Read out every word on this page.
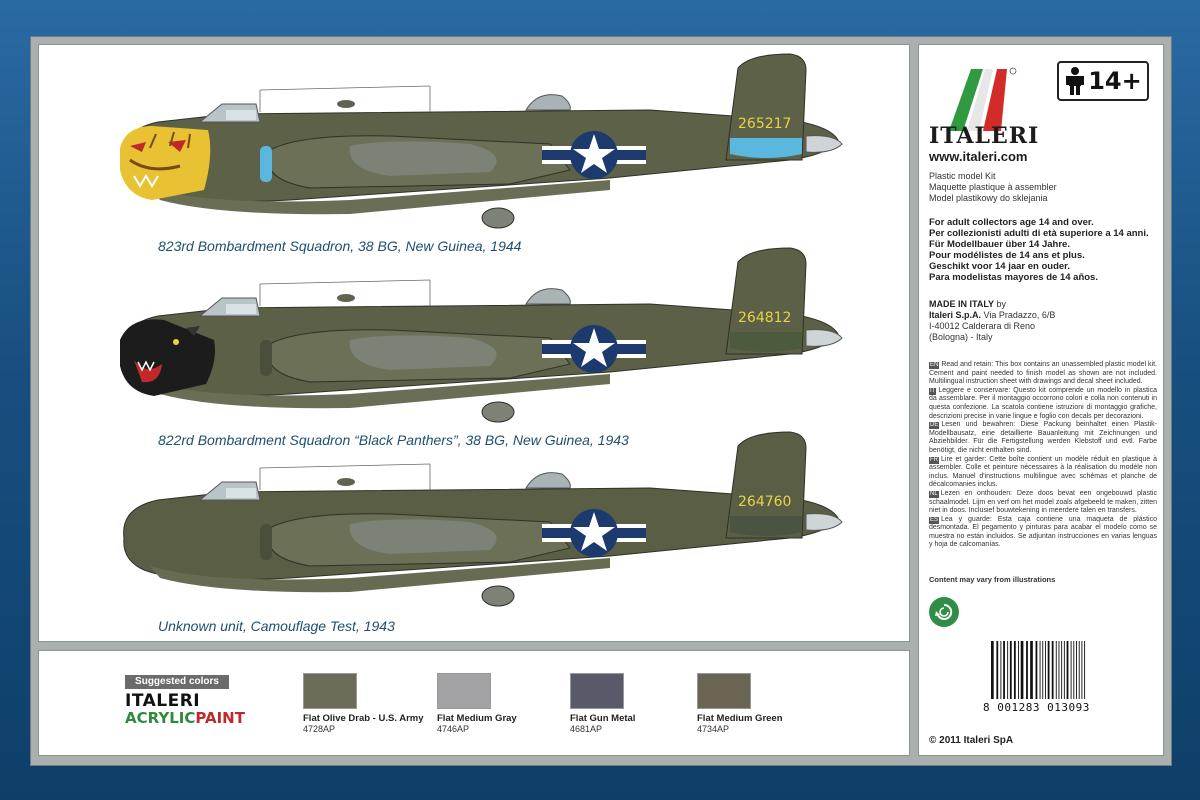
265217
823rd Bombardment Squadron, 38 BG, New Guinea, 1944
264812
822rd Bombardment Squadron “Black Panthers”, 38 BG, New Guinea, 1943
264760
Unknown unit, Camouflage Test, 1943
14+
ITALERI
www.italeri.com
Plastic model Kit
Maquette plastique à assembler
Model plastikowy do sklejania
For adult collectors age 14 and over.
Per collezionisti adulti di età superiore a 14 anni.
Für Modellbauer über 14 Jahre.
Pour modélistes de 14 ans et plus.
Geschikt voor 14 jaar en ouder.
Para modelistas mayores de 14 años.
MADE IN ITALY by
Italeri S.p.A. Via Pradazzo, 6/B
I-40012 Calderara di Reno
(Bologna) - Italy

EN Read and retain: This box contains an unassembled plastic model kit. Cement and paint needed to finish model as shown are not included. Multilingual instruction sheet with drawings and decal sheet included.

IT Leggere e conservare: Questo kit comprende un modello in plastica da assemblare. Per il montaggio occorrono colori e colla non contenuti in questa confezione. La scatola contiene istruzioni di montaggio grafiche, descrizioni precise in varie lingue e foglio con decals per decorazioni.

DE Lesen und bewahren: Diese Packung beinhaltet einen Plastik-Modellbausatz, eine detaillierte Bauanleitung mit Zeichnungen und Abziehbilder. Für die Fertigstellung werden Klebstoff und evtl. Farbe benötigt, die nicht enthalten sind.

FR Lire et garder: Cette boîte contient un modèle réduit en plastique à assembler. Colle et peinture nécessaires à la réalisation du modèle non inclus. Manuel d'instructions multilingue avec schémas et planche de décalcomanies inclus.

NL Lezen en onthouden: Deze doos bevat een ongebouwd plastic schaalmodel. Lijm en verf om het model zoals afgebeeld te maken, zitten niet in doos. Inclusief bouwtekening in meerdere talen en transfers.

ES Lea y guarde: Esta caja contiene una maqueta de plástico desmontada. El pegamento y pinturas para acabar el modelo como se muestra no están incluidos. Se adjuntan instrucciones en varias lenguas y hoja de calcomanías.

Content may vary from illustrations
8 001283 013093
© 2011 Italeri SpA
Suggested colors
ITALERI
ACRYLICPAINT	Flat Olive Drab - U.S. Army
4728AP
Flat Medium Gray
4746AP
Flat Gun Metal
4681AP
Flat Medium Green
4734AP
